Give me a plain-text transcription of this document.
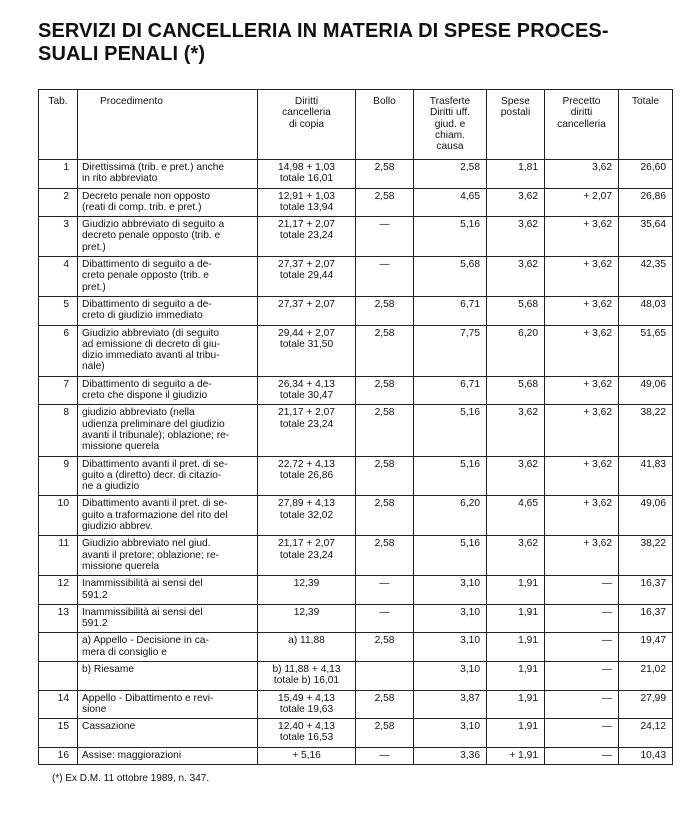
SERVIZI DI CANCELLERIA IN MATERIA DI SPESE PROCES-
SUALI PENALI (*)
Tab.	Procedimento	Diritti
cancelleria
di copia	Bollo	Trasferte
Diritti uff.
giud. e
chiam.
causa	Spese
postali	Precetto
diritti
cancelleria	Totale
1	Direttissima (trib. e pret.) anche
in rito abbreviato	14,98 + 1,03
totale 16,01	2,58	2,58	1,81	3,62	26,60
2	Decreto penale non opposto
(reati di comp. trib. e pret.)	12,91 + 1,03
totale 13,94	2,58	4,65	3,62	+ 2,07	26,86
3	Giudizio abbreviato di seguito a
decreto penale opposto (trib. e
pret.)	21,17 + 2,07
totale 23,24	—	5,16	3,62	+ 3,62	35,64
4	Dibattimento di seguito a de-
creto penale opposto (trib. e
pret.)	27,37 + 2,07
totale 29,44	—	5,68	3,62	+ 3,62	42,35
5	Dibattimento di seguito a de-
creto di giudizio immediato	27,37 + 2,07	2,58	6,71	5,68	+ 3,62	48,03
6	Giudizio abbreviato (di seguito
ad emissione di decreto di giu-
dizio immediato avanti al tribu-
nale)	29,44 + 2,07
totale 31,50	2,58	7,75	6,20	+ 3,62	51,65
7	Dibattimento di seguito a de-
creto che dispone il giudizio	26,34 + 4,13
totale 30,47	2,58	6,71	5,68	+ 3,62	49,06
8	giudizio abbreviato (nella
udienza preliminare del giudizio
avanti il tribunale); oblazione; re-
missione querela	21,17 + 2,07
totale 23,24	2,58	5,16	3,62	+ 3,62	38,22
9	Dibattimento avanti il pret. di se-
guito a (diretto) decr. di citazio-
ne a giudizio	22,72 + 4,13
totale 26,86	2,58	5,16	3,62	+ 3,62	41,83
10	Dibattimento avanti il pret. di se-
guito a traformazione del rito del
giudizio abbrev.	27,89 + 4,13
totale 32,02	2,58	6,20	4,65	+ 3,62	49,06
11	Giudizio abbreviato nel giud.
avanti il pretore; oblazione; re-
missione querela	21,17 + 2,07
totale 23,24	2,58	5,16	3,62	+ 3,62	38,22
12	Inammissibilità ai sensi del
591.2	12,39	—	3,10	1,91	—	16,37
13	Inammissibilità ai sensi del
591.2	12,39	—	3,10	1,91	—	16,37

	a) Appello - Decisione in ca-
mera di consiglio e	a) 11,88	2,58	3,10	1,91	—	19,47

	b) Riesame	b) 11,88 + 4,13
totale b) 16,01		3,10	1,91	—	21,02
14	Appello - Dibattimento e revi-
sione	15,49 + 4,13
totale 19,63	2,58	3,87	1,91	—	27,99
15	Cassazione	12,40 + 4,13
totale 16,53	2,58	3,10	1,91	—	24,12
16	Assise: maggiorazioni	+ 5,16	—	3,36	+ 1,91	—	10,43
(*) Ex D.M. 11 ottobre 1989, n. 347.
